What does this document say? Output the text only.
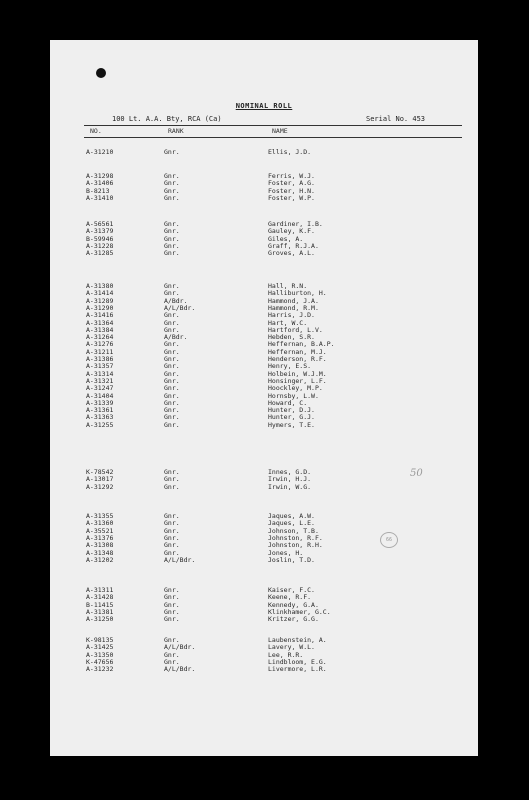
NOMINAL ROLL
100 Lt. A.A. Bty, RCA (Ca)	Serial No. 453
NO.	RANK	NAME
A-31210	Gnr.	Ellis, J.D.
A-31298	Gnr.	Ferris, W.J.
A-31406	Gnr.	Foster, A.G.
B-8213	Gnr.	Foster, H.N.
A-31410	Gnr.	Foster, W.P.
A-56561	Gnr.	Gardiner, I.B.
A-31379	Gnr.	Gauley, K.F.
B-59946	Gnr.	Giles, A.
A-31228	Gnr.	Graff, R.J.A.
A-31285	Gnr.	Groves, A.L.
A-31380	Gnr.	Hall, R.N.
A-31414	Gnr.	Halliburton, H.
A-31289	A/Bdr.	Hammond, J.A.
A-31290	A/L/Bdr.	Hammond, R.M.
A-31416	Gnr.	Harris, J.D.
A-31364	Gnr.	Hart, W.C.
A-31384	Gnr.	Hartford, L.V.
A-31264	A/Bdr.	Hebden, S.R.
A-31276	Gnr.	Heffernan, B.A.P.
A-31211	Gnr.	Heffernan, M.J.
A-31386	Gnr.	Henderson, R.F.
A-31357	Gnr.	Henry, E.S.
A-31314	Gnr.	Holbein, W.J.M.
A-31321	Gnr.	Honsinger, L.F.
A-31247	Gnr.	Hoockley, M.P.
A-31404	Gnr.	Hornsby, L.W.
A-31339	Gnr.	Howard, C.
A-31361	Gnr.	Hunter, D.J.
A-31363	Gnr.	Hunter, G.J.
A-31255	Gnr.	Hymers, T.E.
K-78542	Gnr.	Innes, G.D.
A-13017	Gnr.	Irwin, H.J.
A-31292	Gnr.	Irwin, W.G.
A-31355	Gnr.	Jaques, A.W.
A-31360	Gnr.	Jaques, L.E.
A-35521	Gnr.	Johnson, T.B.
A-31376	Gnr.	Johnston, R.F.
A-31308	Gnr.	Johnston, R.H.
A-31348	Gnr.	Jones, H.
A-31202	A/L/Bdr.	Joslin, T.D.
A-31311	Gnr.	Kaiser, F.C.
A-31428	Gnr.	Keene, R.F.
B-11415	Gnr.	Kennedy, G.A.
A-31381	Gnr.	Klinkhamer, G.C.
A-31250	Gnr.	Kritzer, G.G.
K-98135	Gnr.	Laubenstein, A.
A-31425	A/L/Bdr.	Lavery, W.L.
A-31350	Gnr.	Lee, R.R.
K-47656	Gnr.	Lindbloom, E.G.
A-31232	A/L/Bdr.	Livermore, L.R.
50
66
